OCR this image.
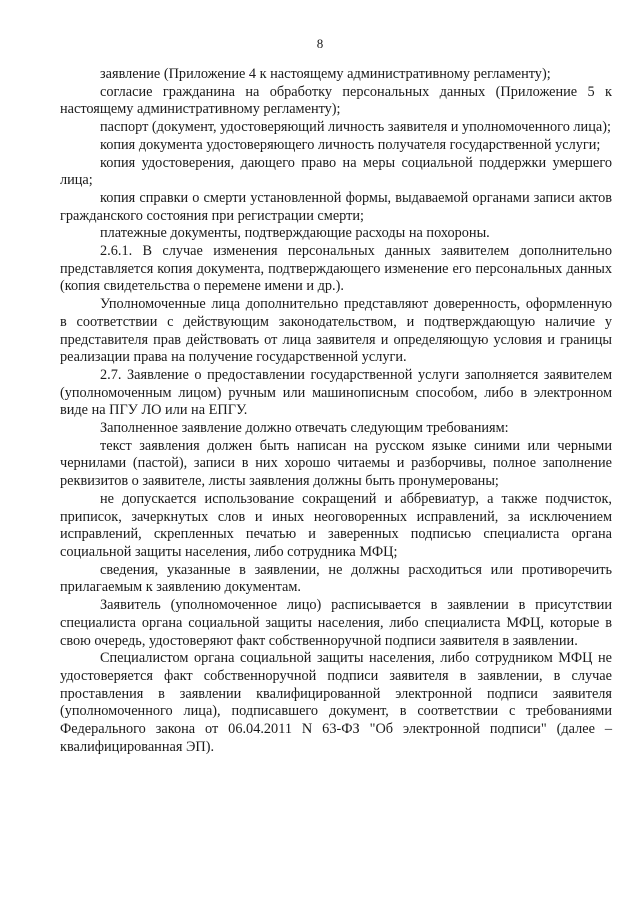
8

заявление (Приложение 4 к настоящему административному регламенту);

согласие гражданина на обработку персональных данных (Приложение 5 к настоящему административному регламенту);

паспорт (документ, удостоверяющий личность заявителя и уполномоченного лица);

копия документа удостоверяющего личность получателя государственной услуги;

копия удостоверения, дающего право на меры социальной поддержки умершего лица;

копия справки о смерти установленной формы, выдаваемой органами записи актов гражданского состояния при регистрации смерти;

платежные документы, подтверждающие расходы на похороны.

2.6.1. В случае изменения персональных данных заявителем дополнительно представляется копия документа, подтверждающего изменение его персональных данных (копия свидетельства о перемене имени и др.).

Уполномоченные лица дополнительно представляют доверенность, оформленную в соответствии с действующим законодательством, и подтверждающую наличие у представителя прав действовать от лица заявителя и определяющую условия и границы реализации права на получение государственной услуги.

2.7. Заявление о предоставлении государственной услуги заполняется заявителем (уполномоченным лицом) ручным или машинописным способом, либо в электронном виде на ПГУ ЛО или на ЕПГУ.

Заполненное заявление должно отвечать следующим требованиям:

текст заявления должен быть написан на русском языке синими или черными чернилами (пастой), записи в них хорошо читаемы и разборчивы, полное заполнение реквизитов о заявителе, листы заявления должны быть пронумерованы;

не допускается использование сокращений и аббревиатур, а также подчисток, приписок, зачеркнутых слов и иных неоговоренных исправлений, за исключением исправлений, скрепленных печатью и заверенных подписью специалиста органа социальной защиты населения, либо сотрудника МФЦ;

сведения, указанные в заявлении, не должны расходиться или противоречить прилагаемым к заявлению документам.

Заявитель (уполномоченное лицо) расписывается в заявлении в присутствии специалиста органа социальной защиты населения, либо специалиста МФЦ, которые в свою очередь, удостоверяют факт собственноручной подписи заявителя в заявлении.

Специалистом органа социальной защиты населения, либо сотрудником МФЦ не удостоверяется факт собственноручной подписи заявителя в заявлении, в случае проставления в заявлении квалифицированной электронной подписи заявителя (уполномоченного лица), подписавшего документ, в соответствии с требованиями Федерального закона от 06.04.2011 N 63-ФЗ "Об электронной подписи" (далее – квалифицированная ЭП).
